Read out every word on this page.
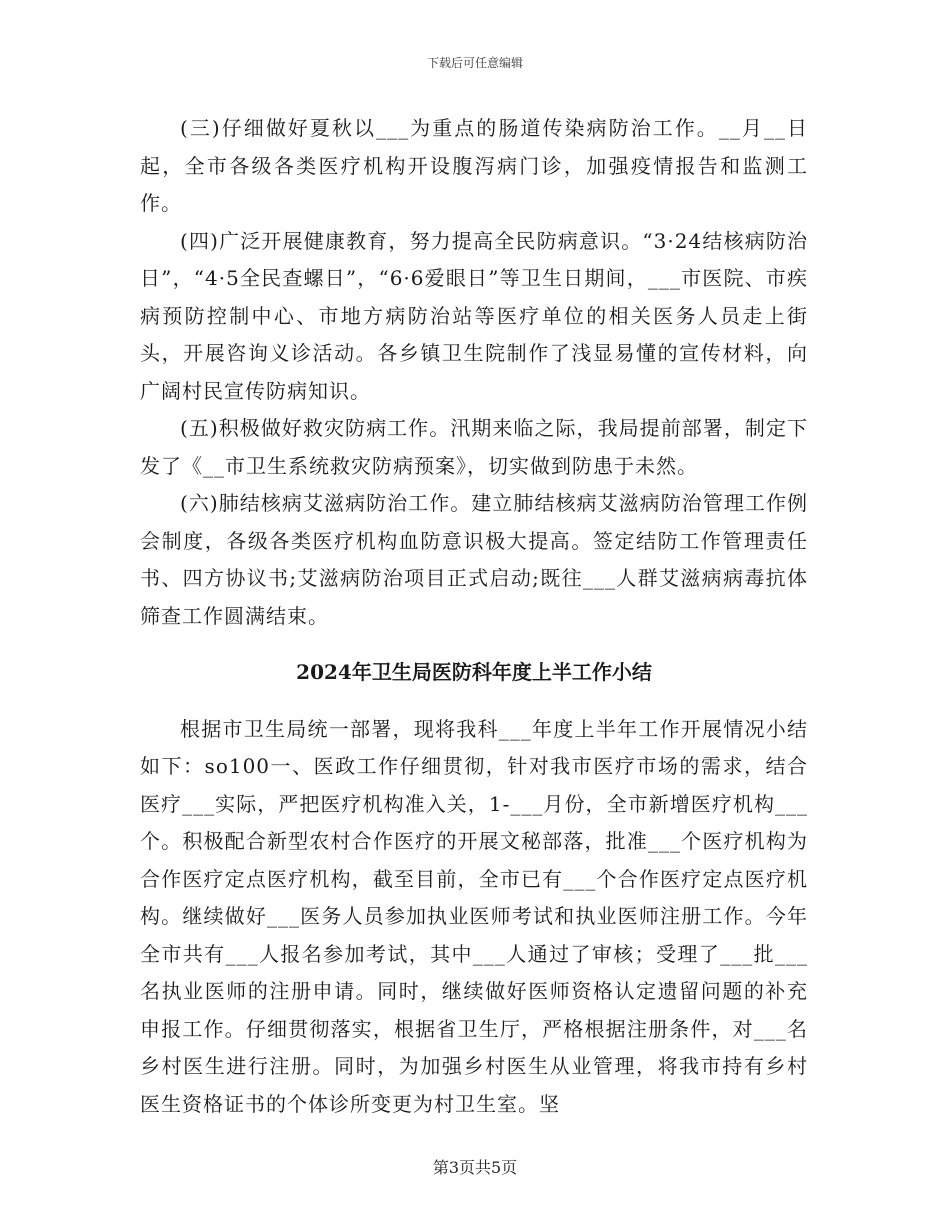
下载后可任意编辑

(三)仔细做好夏秋以___为重点的肠道传染病防治工作。__月__日起，全市各级各类医疗机构开设腹泻病门诊，加强疫情报告和监测工作。

(四)广泛开展健康教育，努力提高全民防病意识。“3·24结核病防治日”，“4·5全民查螺日”，“6·6爱眼日”等卫生日期间，___市医院、市疾病预防控制中心、市地方病防治站等医疗单位的相关医务人员走上街头，开展咨询义诊活动。各乡镇卫生院制作了浅显易懂的宣传材料，向广阔村民宣传防病知识。

(五)积极做好救灾防病工作。汛期来临之际，我局提前部署，制定下发了《__市卫生系统救灾防病预案》，切实做到防患于未然。

(六)肺结核病艾滋病防治工作。建立肺结核病艾滋病防治管理工作例会制度，各级各类医疗机构血防意识极大提高。签定结防工作管理责任书、四方协议书;艾滋病防治项目正式启动;既往___人群艾滋病病毒抗体筛查工作圆满结束。

2024年卫生局医防科年度上半工作小结

根据市卫生局统一部署，现将我科___年度上半年工作开展情况小结如下：so100一、医政工作仔细贯彻，针对我市医疗市场的需求，结合医疗___实际，严把医疗机构准入关，1-___月份，全市新增医疗机构___个。积极配合新型农村合作医疗的开展文秘部落，批准___个医疗机构为合作医疗定点医疗机构，截至目前，全市已有___个合作医疗定点医疗机构。继续做好___医务人员参加执业医师考试和执业医师注册工作。今年全市共有___人报名参加考试，其中___人通过了审核；受理了___批___名执业医师的注册申请。同时，继续做好医师资格认定遗留问题的补充申报工作。仔细贯彻落实，根据省卫生厅，严格根据注册条件，对___名乡村医生进行注册。同时，为加强乡村医生从业管理，将我市持有乡村医生资格证书的个体诊所变更为村卫生室。坚

第3页共5页
